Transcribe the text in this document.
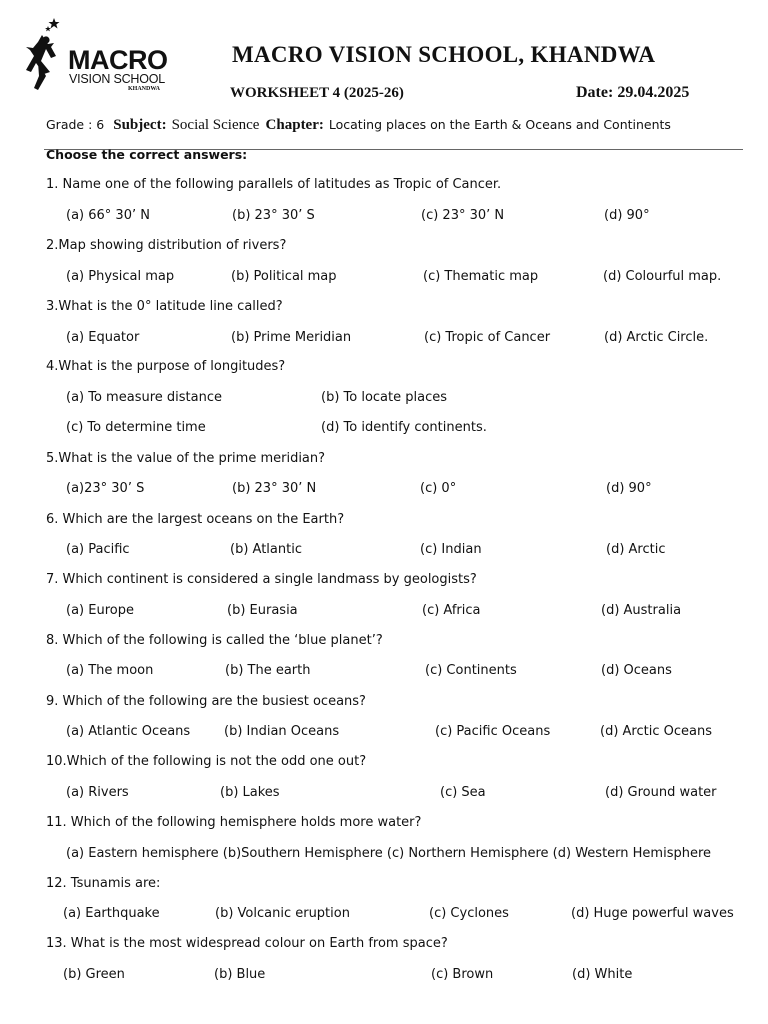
MACRO
VISION SCHOOL
KHANDWA
MACRO VISION SCHOOL, KHANDWA
WORKSHEET 4 (2025-26)	Date: 29.04.2025
Grade : 6 Subject: Social Science Chapter: Locating places on the Earth & Oceans and Continents
Choose the correct answers:
1. Name one of the following parallels of latitudes as Tropic of Cancer.
(a) 66° 30’ N	(b) 23° 30’ S	(c) 23° 30’ N	(d) 90°
2.Map showing distribution of rivers?
(a) Physical map	(b) Political map	(c) Thematic map	(d) Colourful map.
3.What is the 0° latitude line called?
(a) Equator	(b) Prime Meridian	(c) Tropic of Cancer	(d) Arctic Circle.
4.What is the purpose of longitudes?
(a) To measure distance	(b) To locate places
(c) To determine time	(d) To identify continents.
5.What is the value of the prime meridian?
(a)23° 30’ S	(b) 23° 30’ N	(c) 0°	(d) 90°
6. Which are the largest oceans on the Earth?
(a) Pacific	(b) Atlantic	(c) Indian	(d) Arctic
7. Which continent is considered a single landmass by geologists?
(a) Europe	(b) Eurasia	(c) Africa	(d) Australia
8. Which of the following is called the ‘blue planet’?
(a) The moon	(b) The earth	(c) Continents	(d) Oceans
9. Which of the following are the busiest oceans?
(a) Atlantic Oceans	(b) Indian Oceans	(c) Pacific Oceans	(d) Arctic Oceans
10.Which of the following is not the odd one out?
(a) Rivers	(b) Lakes	(c) Sea	(d) Ground water
11. Which of the following hemisphere holds more water?
(a) Eastern hemisphere (b)Southern Hemisphere (c) Northern Hemisphere (d) Western Hemisphere
12. Tsunamis are:
(a) Earthquake	(b) Volcanic eruption	(c) Cyclones	(d) Huge powerful waves
13. What is the most widespread colour on Earth from space?
(b) Green	(b) Blue	(c) Brown	(d) White
